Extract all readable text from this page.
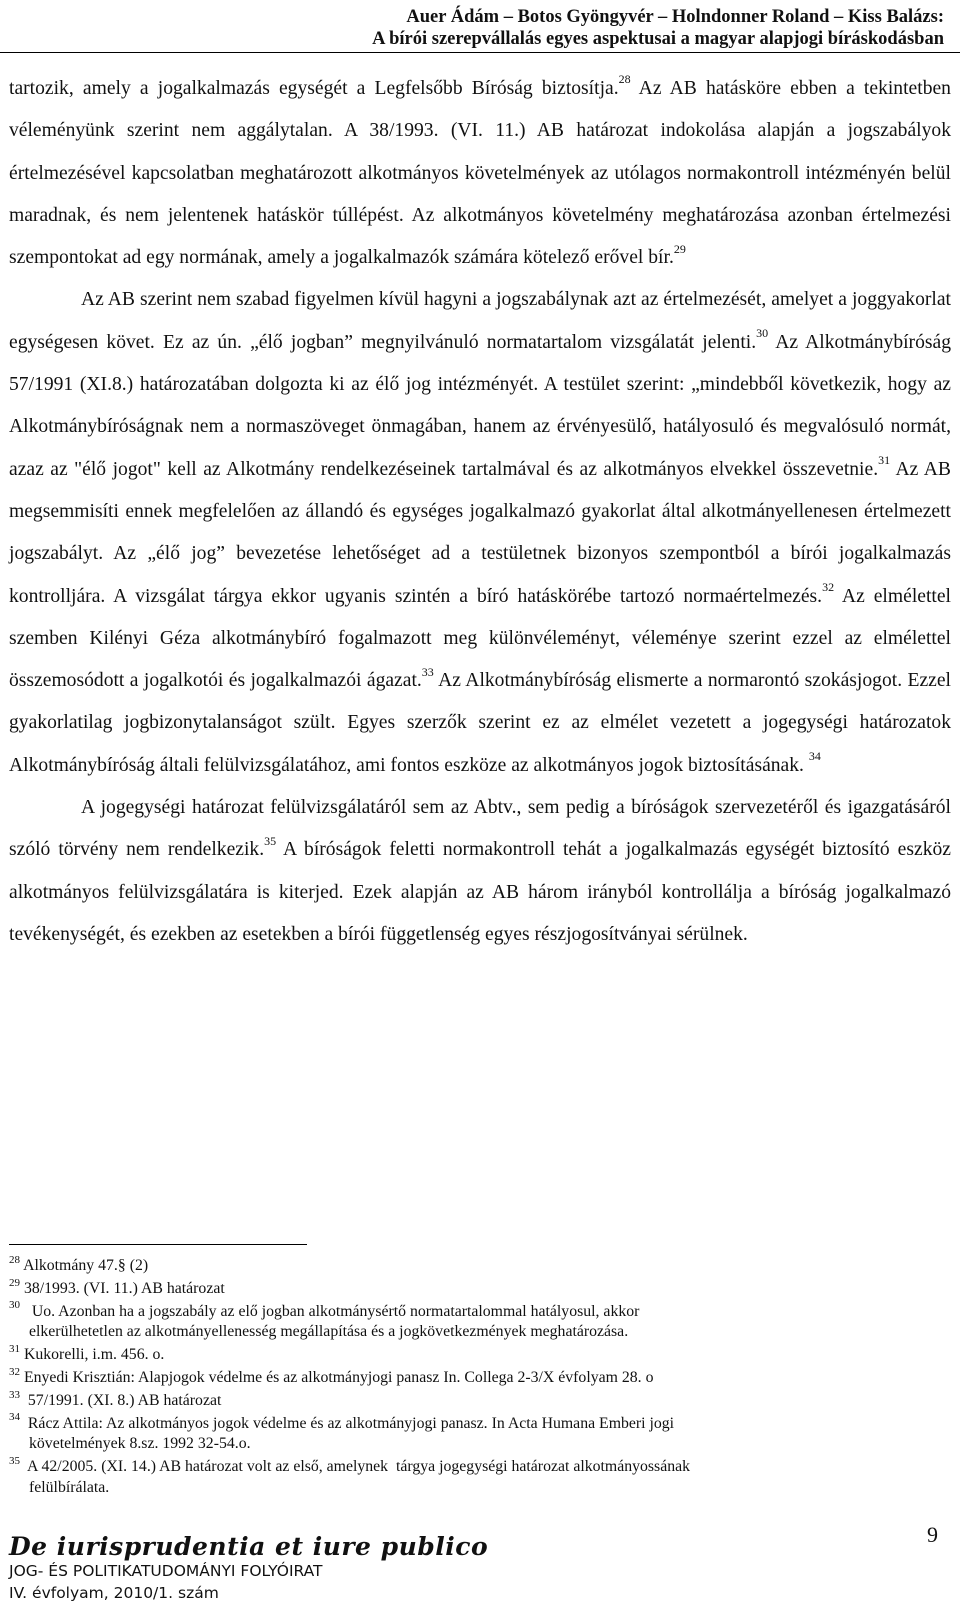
Auer Ádám – Botos Gyöngyvér – Holndonner Roland – Kiss Balázs:
A bírói szerepvállalás egyes aspektusai a magyar alapjogi bíráskodásban

tartozik, amely a jogalkalmazás egységét a Legfelsőbb Bíróság biztosítja.$^{28}$ Az AB hatásköre ebben a tekintetben véleményünk szerint nem aggálytalan. A 38/1993. (VI. 11.) AB határozat indokolása alapján a jogszabályok értelmezésével kapcsolatban meghatározott alkotmányos követelmények az utólagos normakontroll intézményén belül maradnak, és nem jelentenek hatáskör túllépést. Az alkotmányos követelmény meghatározása azonban értelmezési szempontokat ad egy normának, amely a jogalkalmazók számára kötelező erővel bír.$^{29}$

Az AB szerint nem szabad figyelmen kívül hagyni a jogszabálynak azt az értelmezését, amelyet a joggyakorlat egységesen követ. Ez az ún. „élő jogban” megnyilvánuló normatartalom vizsgálatát jelenti.$^{30}$ Az Alkotmánybíróság 57/1991 (XI.8.) határozatában dolgozta ki az élő jog intézményét. A testület szerint: „mindebből következik, hogy az Alkotmánybíróságnak nem a normaszöveget önmagában, hanem az érvényesülő, hatályosuló és megvalósuló normát, azaz az "élő jogot" kell az Alkotmány rendelkezéseinek tartalmával és az alkotmányos elvekkel összevetnie.$^{31}$ Az AB megsemmisíti ennek megfelelően az állandó és egységes jogalkalmazó gyakorlat által alkotmányellenesen értelmezett jogszabályt. Az „élő jog” bevezetése lehetőséget ad a testületnek bizonyos szempontból a bírói jogalkalmazás kontrolljára. A vizsgálat tárgya ekkor ugyanis szintén a bíró hatáskörébe tartozó normaértelmezés.$^{32}$ Az elmélettel szemben Kilényi Géza alkotmánybíró fogalmazott meg különvéleményt, véleménye szerint ezzel az elmélettel összemosódott a jogalkotói és jogalkalmazói ágazat.$^{33}$ Az Alkotmánybíróság elismerte a normarontó szokásjogot. Ezzel gyakorlatilag jogbizonytalanságot szült. Egyes szerzők szerint ez az elmélet vezetett a jogegységi határozatok Alkotmánybíróság általi felülvizsgálatához, ami fontos eszköze az alkotmányos jogok biztosításának. $^{34}$

A jogegységi határozat felülvizsgálatáról sem az Abtv., sem pedig a bíróságok szervezetéről és igazgatásáról szóló törvény nem rendelkezik.$^{35}$ A bíróságok feletti normakontroll tehát a jogalkalmazás egységét biztosító eszköz alkotmányos felülvizsgálatára is kiterjed. Ezek alapján az AB három irányból kontrollálja a bíróság jogalkalmazó tevékenységét, és ezekben az esetekben a bírói függetlenség egyes részjogosítványai sérülnek.

$^{28}$ Alkotmány 47.§ (2)
$^{29}$ 38/1993. (VI. 11.) AB határozat
$^{30}$   Uo. Azonban ha a jogszabály az elő jogban alkotmánysértő normatartalommal hatályosul, akkor
elkerülhetetlen az alkotmányellenesség megállapítása és a jogkövetkezmények meghatározása.
$^{31}$ Kukorelli, i.m. 456. o.
$^{32}$ Enyedi Krisztián: Alapjogok védelme és az alkotmányjogi panasz In. Collega 2-3/X évfolyam 28. o
$^{33}$  57/1991. (XI. 8.) AB határozat
$^{34}$  Rácz Attila: Az alkotmányos jogok védelme és az alkotmányjogi panasz. In Acta Humana Emberi jogi
követelmények 8.sz. 1992 32-54.o.
$^{35}$  A 42/2005. (XI. 14.) AB határozat volt az első, amelynek  tárgya jogegységi határozat alkotmányossának
felülbírálata.
De iurisprudentia et iure publico
JOG- ÉS POLITIKATUDOMÁNYI FOLYÓIRAT
IV. évfolyam, 2010/1. szám
9
